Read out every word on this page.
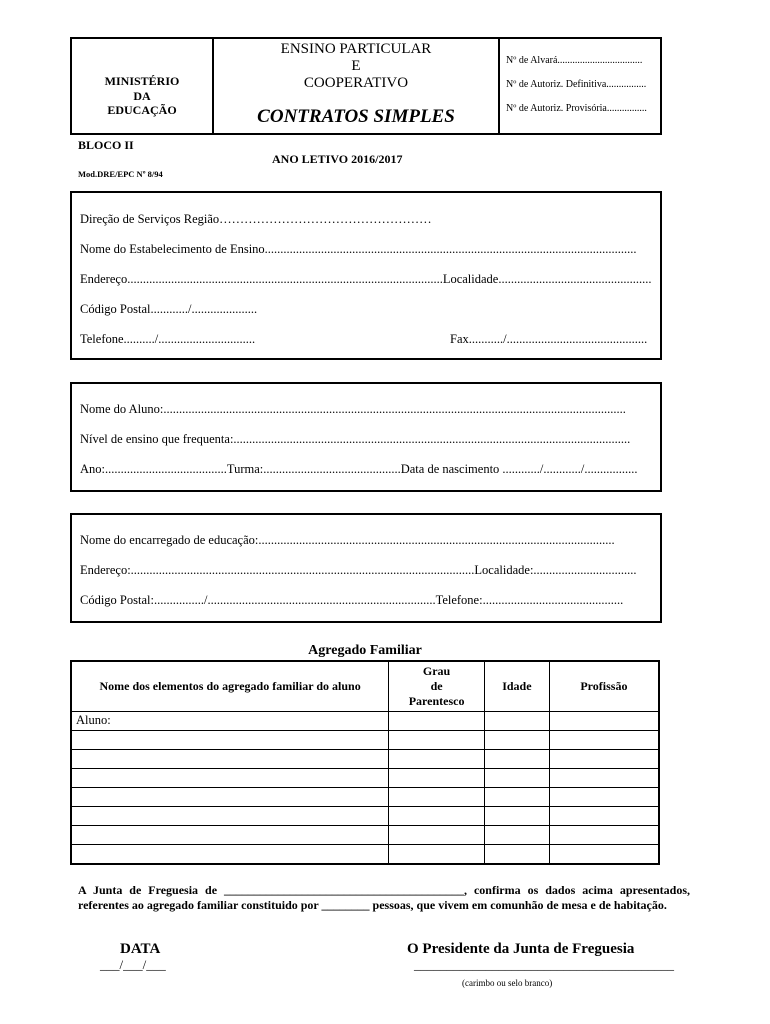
MINISTÉRIO
DA
EDUCAÇÃO
ENSINO PARTICULAR
E
COOPERATIVO
CONTRATOS SIMPLES
Nº de Alvará..................................
Nº de Autoriz. Definitiva................
Nº de Autoriz. Provisória................
BLOCO II
ANO LETIVO 2016/2017
Mod.DRE/EPC Nº 8/94
Direção de Serviços Região……………………………………………
Nome do Estabelecimento de Ensino.......................................................................................................................
Endereço.....................................................................................................Localidade.................................................
Código Postal............/.....................
Telefone........../...............................	Fax.........../.............................................
Nome do Aluno:....................................................................................................................................................
Nível de ensino que frequenta:...............................................................................................................................
Ano:.......................................Turma:............................................Data de nascimento ............/............/.................
Nome do encarregado de educação:..................................................................................................................
Endereço:..............................................................................................................Localidade:.................................
Código Postal:................/.........................................................................Telefone:.............................................
Agregado Familiar
Nome dos elementos do agregado familiar do aluno	Grau
de
Parentesco	Idade	Profissão
Aluno:			

A Junta de Freguesia de ________________________________________, confirma os dados acima apresentados, referentes ao agregado familiar constituido por ________ pessoas, que vivem em comunhão de mesa e de habitação.
DATA
___/___/___
O Presidente da Junta de Freguesia
________________________________________
(carimbo ou selo branco)
